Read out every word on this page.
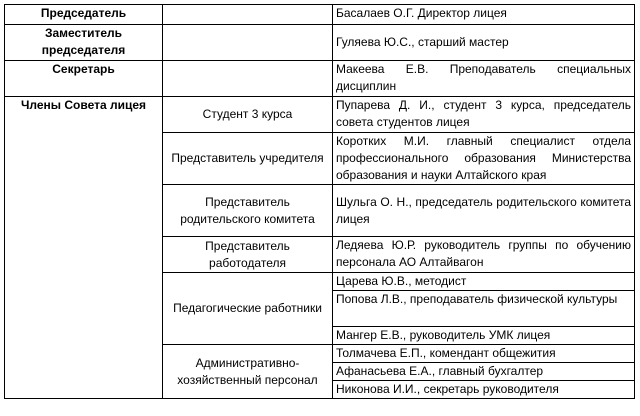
Председатель		Басалаев О.Г. Директор лицея
Заместитель председателя		Гуляева Ю.С., старший мастер
Секретарь		Макеева Е.В. Преподаватель специальных дисциплин
Члены Совета лицея	Студент 3 курса	Пупарева Д. И., студент 3 курса, председатель совета студентов лицея
	Представитель учредителя	Коротких М.И. главный специалист отдела профессионального образования Министерства образования и науки Алтайского края
	Представитель родительского комитета	Шульга О. Н., председатель родительского комитета лицея
	Представитель работодателя	Ледяева Ю.Р. руководитель группы по обучению персонала АО Алтайвагон
	Педагогические работники	Царева Ю.В., методист
		Попова Л.В., преподаватель физической культуры
		Мангер Е.В., руководитель УМК лицея
	Административно-хозяйственный персонал	Толмачева Е.П., комендант общежития
		Афанасьева Е.А., главный бухгалтер
		Никонова И.И., секретарь руководителя
